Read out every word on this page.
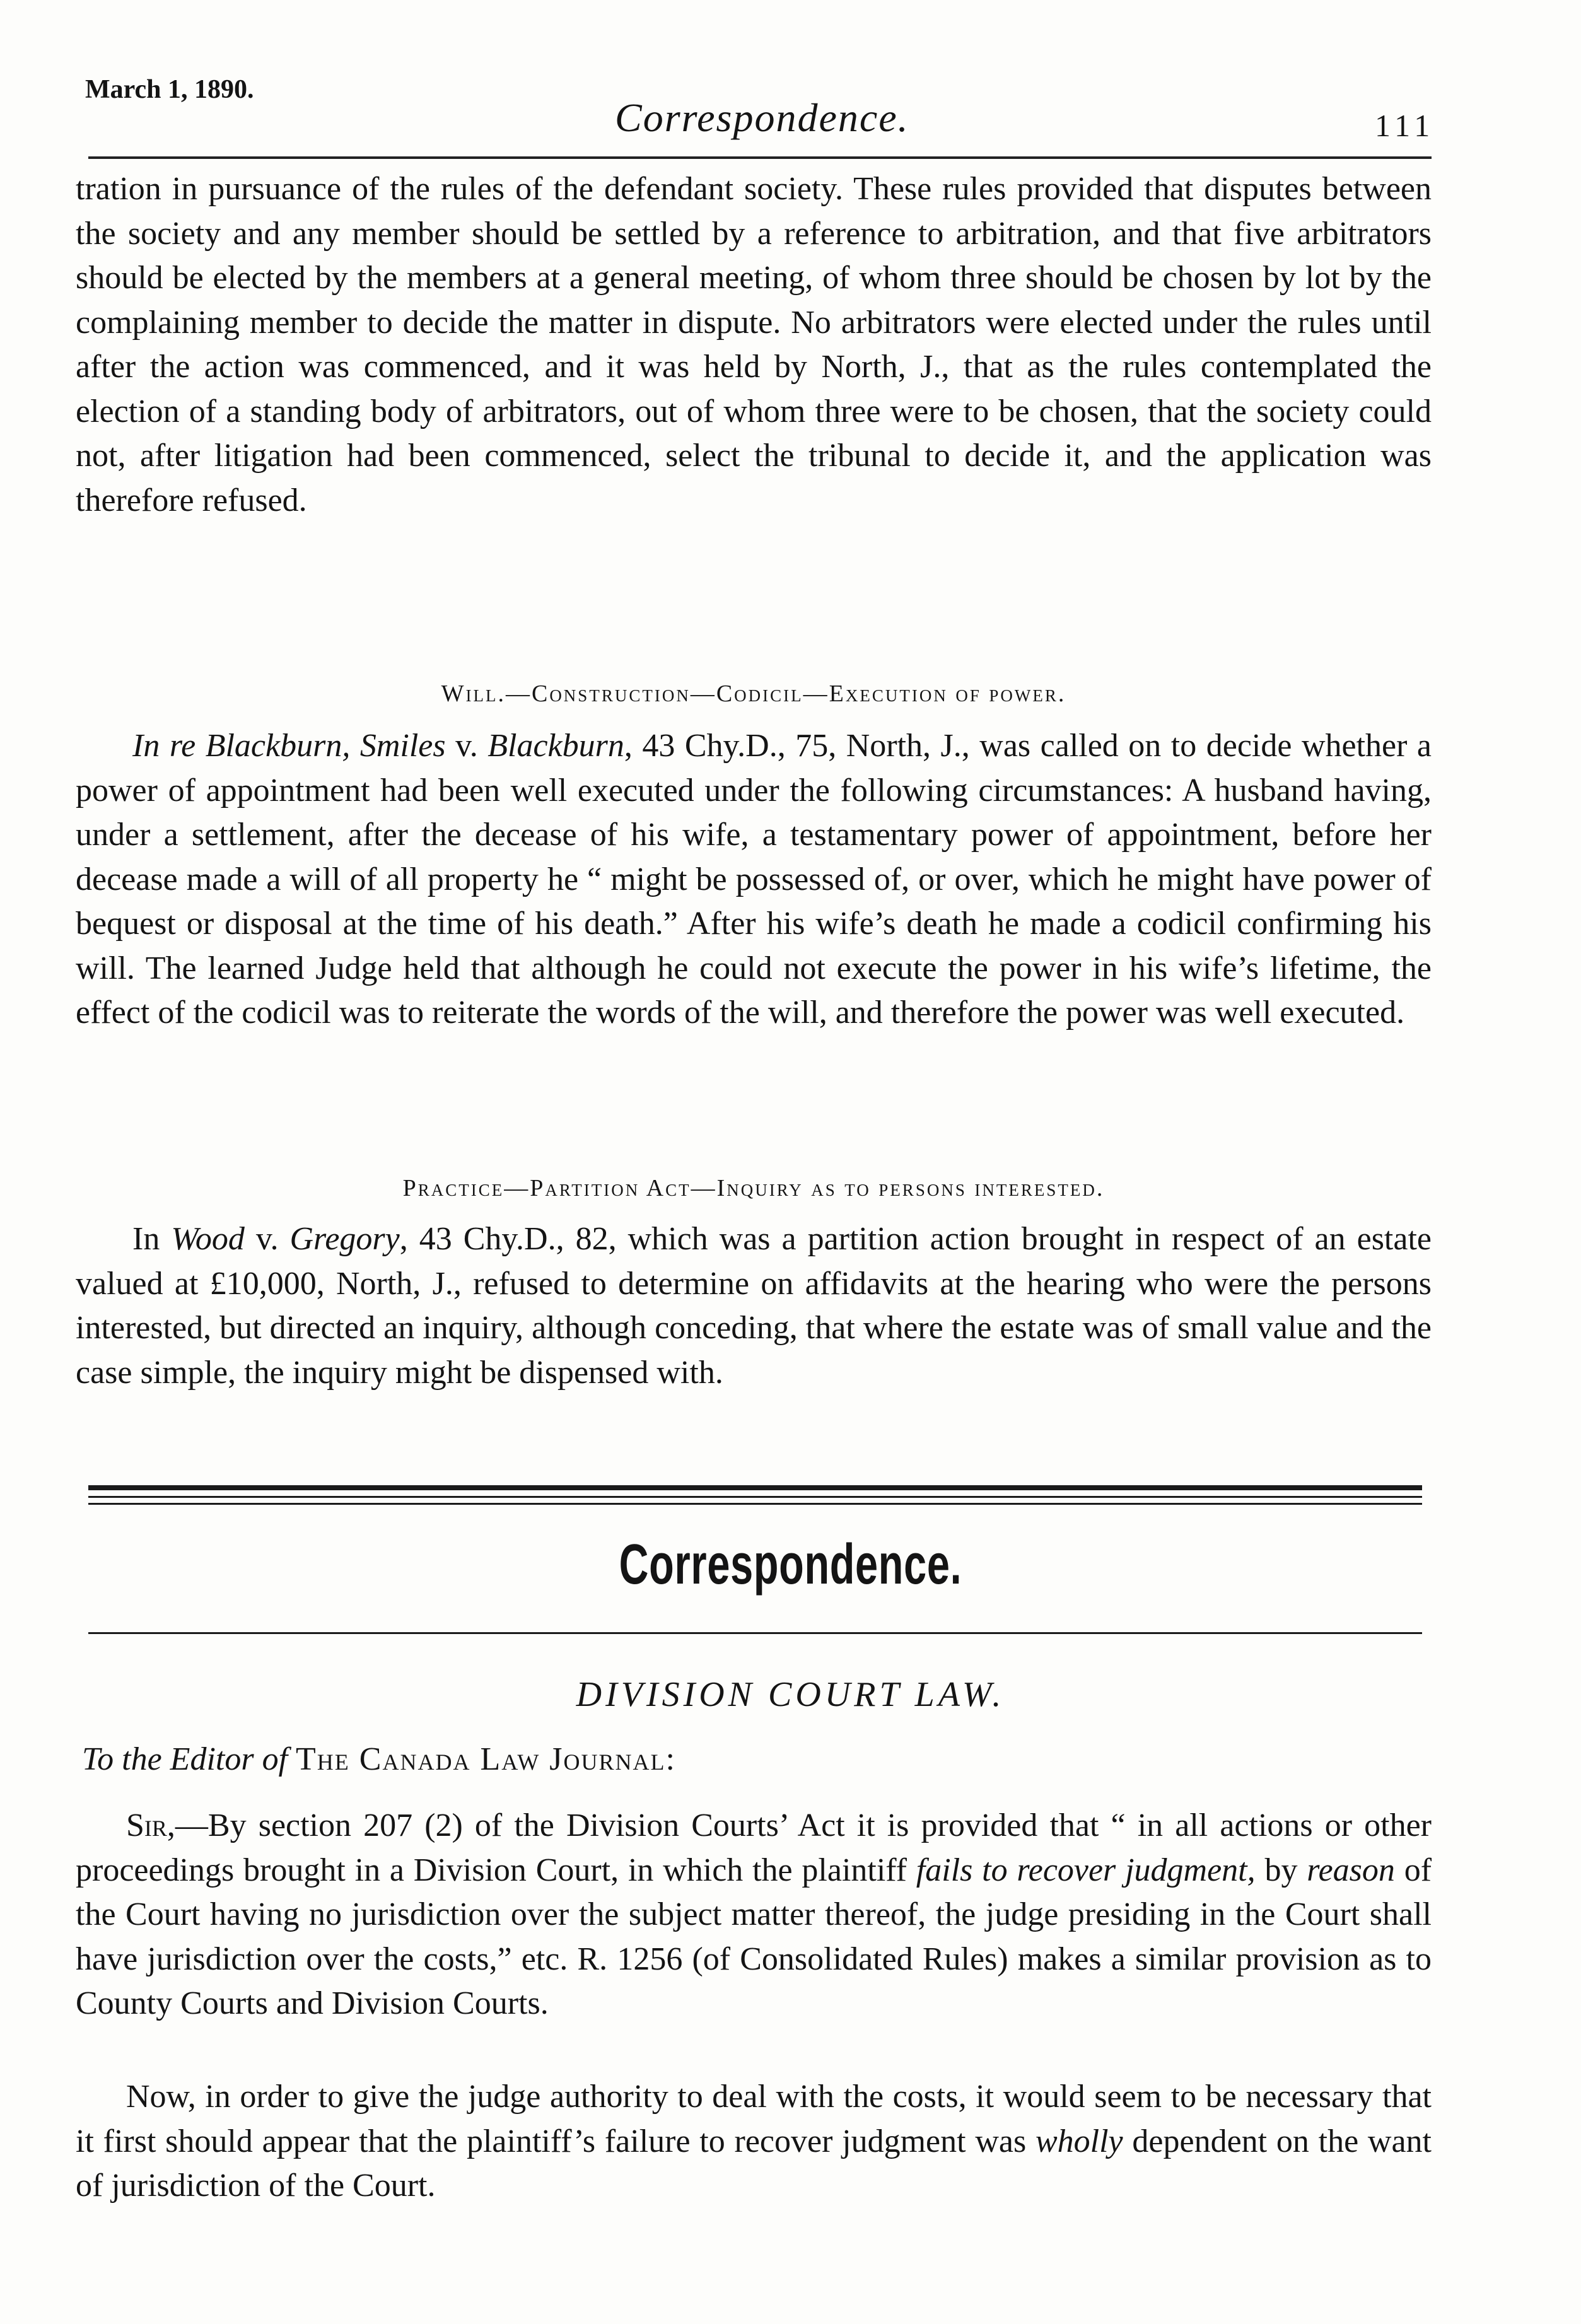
March 1, 1890.
Correspondence.	111

tration in pursuance of the rules of the defendant society. These rules provided that disputes between the society and any member should be settled by a reference to arbitration, and that five arbitrators should be elected by the members at a general meeting, of whom three should be chosen by lot by the complaining member to decide the matter in dispute. No arbitrators were elected under the rules until after the action was commenced, and it was held by North, J., that as the rules contemplated the election of a standing body of arbitrators, out of whom three were to be chosen, that the society could not, after litigation had been commenced, select the tribunal to decide it, and the application was therefore refused.

Will.—Construction—Codicil—Execution of power.

In re Blackburn, Smiles v. Blackburn, 43 Chy.D., 75, North, J., was called on to decide whether a power of appointment had been well executed under the following circumstances: A husband having, under a settlement, after the decease of his wife, a testamentary power of appointment, before her decease made a will of all property he “ might be possessed of, or over, which he might have power of bequest or disposal at the time of his death.” After his wife’s death he made a codicil confirming his will. The learned Judge held that although he could not execute the power in his wife’s lifetime, the effect of the codicil was to reiterate the words of the will, and therefore the power was well executed.

Practice—Partition Act—Inquiry as to persons interested.

In Wood v. Gregory, 43 Chy.D., 82, which was a partition action brought in respect of an estate valued at £10,000, North, J., refused to determine on affidavits at the hearing who were the persons interested, but directed an inquiry, although conceding, that where the estate was of small value and the case simple, the inquiry might be dispensed with.

Correspondence.
DIVISION COURT LAW.
To the Editor of The Canada Law Journal:

Sir,—By section 207 (2) of the Division Courts’ Act it is provided that “ in all actions or other proceedings brought in a Division Court, in which the plaintiff fails to recover judgment, by reason of the Court having no jurisdiction over the subject matter thereof, the judge presiding in the Court shall have jurisdiction over the costs,” etc. R. 1256 (of Consolidated Rules) makes a similar provision as to County Courts and Division Courts.

Now, in order to give the judge authority to deal with the costs, it would seem to be necessary that it first should appear that the plaintiff’s failure to recover judgment was wholly dependent on the want of jurisdiction of the Court.
